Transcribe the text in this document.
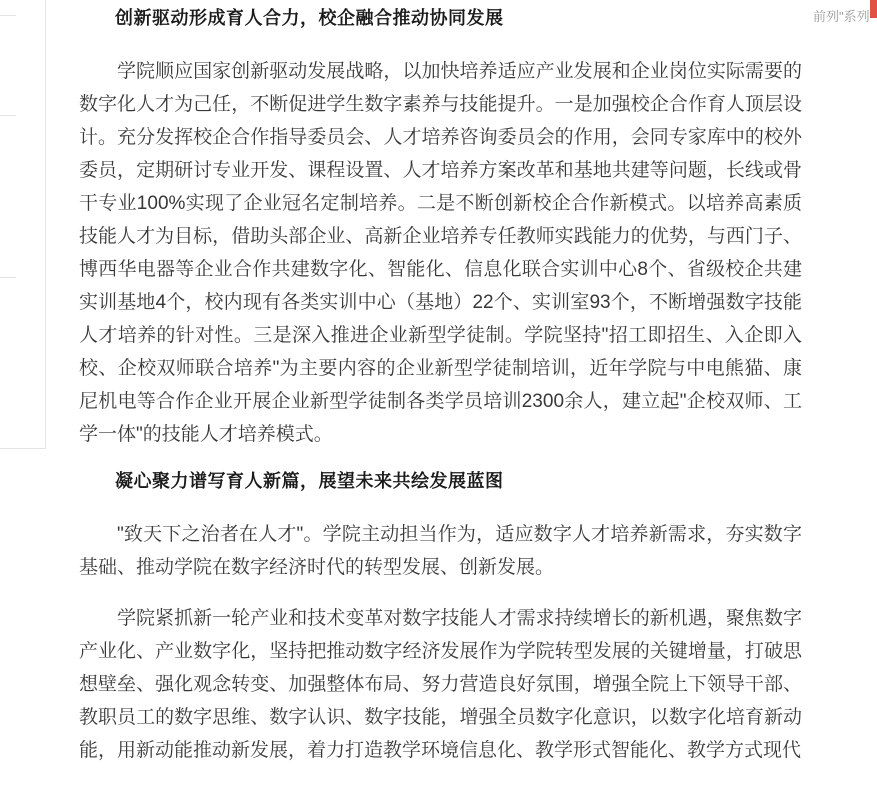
前列"系列
创新驱动形成育人合力，校企融合推动协同发展

学院顺应国家创新驱动发展战略，以加快培养适应产业发展和企业岗位实际需要的数字化人才为己任，不断促进学生数字素养与技能提升。一是加强校企合作育人顶层设计。充分发挥校企合作指导委员会、人才培养咨询委员会的作用，会同专家库中的校外委员，定期研讨专业开发、课程设置、人才培养方案改革和基地共建等问题，长线或骨干专业100%实现了企业冠名定制培养。二是不断创新校企合作新模式。以培养高素质技能人才为目标，借助头部企业、高新企业培养专任教师实践能力的优势，与西门子、博西华电器等企业合作共建数字化、智能化、信息化联合实训中心8个、省级校企共建实训基地4个，校内现有各类实训中心（基地）22个、实训室93个，不断增强数字技能人才培养的针对性。三是深入推进企业新型学徒制。学院坚持"招工即招生、入企即入校、企校双师联合培养"为主要内容的企业新型学徒制培训，近年学院与中电熊猫、康尼机电等合作企业开展企业新型学徒制各类学员培训2300余人，建立起"企校双师、工学一体"的技能人才培养模式。

凝心聚力谱写育人新篇，展望未来共绘发展蓝图

"致天下之治者在人才"。学院主动担当作为，适应数字人才培养新需求，夯实数字基础、推动学院在数字经济时代的转型发展、创新发展。

学院紧抓新一轮产业和技术变革对数字技能人才需求持续增长的新机遇，聚焦数字产业化、产业数字化，坚持把推动数字经济发展作为学院转型发展的关键增量，打破思想壁垒、强化观念转变、加强整体布局、努力营造良好氛围，增强全院上下领导干部、教职员工的数字思维、数字认识、数字技能，增强全员数字化意识，以数字化培育新动能，用新动能推动新发展，着力打造教学环境信息化、教学形式智能化、教学方式现代
